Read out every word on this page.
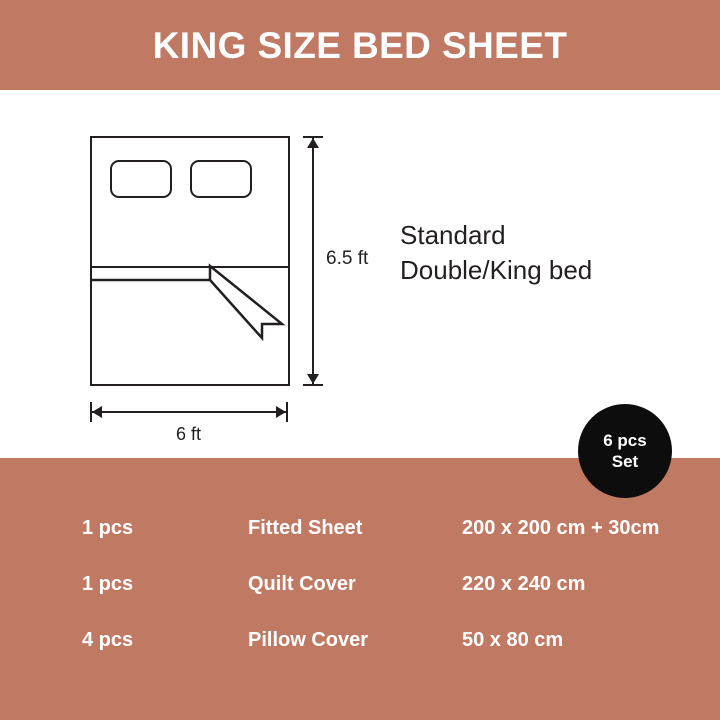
KING SIZE BED SHEET
6.5 ft
6 ft
Standard
Double/King bed
6 pcs
Set
1 pcs	Fitted Sheet	200 x 200 cm + 30cm
1 pcs	Quilt Cover	220 x 240 cm
4 pcs	Pillow Cover	50 x 80 cm
